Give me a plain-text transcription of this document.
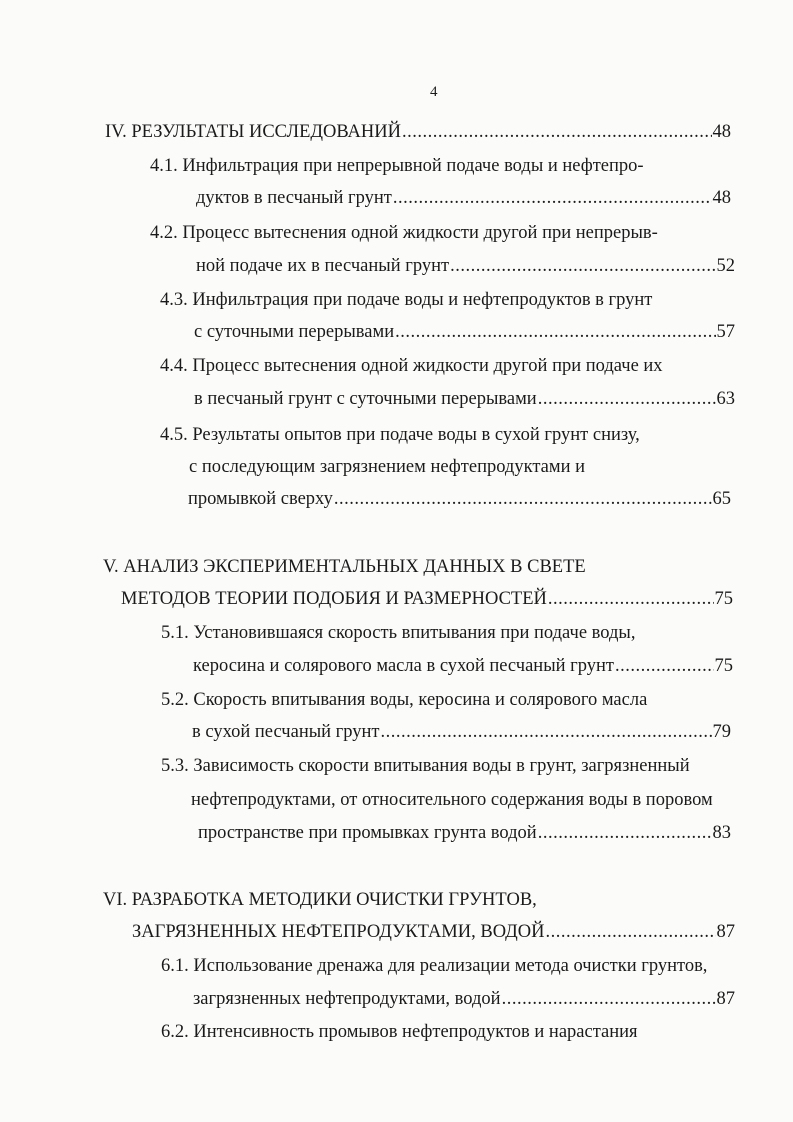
4
IV. РЕЗУЛЬТАТЫ ИССЛЕДОВАНИЙ .....	48
4.1. Инфильтрация при непрерывной подаче воды и нефтепро-
дуктов в песчаный грунт .....	48
4.2. Процесс вытеснения одной жидкости другой при непрерыв-
ной подаче их в песчаный грунт .....	52
4.3. Инфильтрация при подаче воды и нефтепродуктов в грунт
с суточными перерывами .....	57
4.4. Процесс вытеснения одной жидкости другой при подаче их
в песчаный грунт с суточными перерывами .....	63
4.5. Результаты опытов при подаче воды в сухой грунт снизу,
с последующим загрязнением нефтепродуктами и
промывкой сверху .....	65
V. АНАЛИЗ ЭКСПЕРИМЕНТАЛЬНЫХ ДАННЫХ В СВЕТЕ
МЕТОДОВ ТЕОРИИ ПОДОБИЯ И РАЗМЕРНОСТЕЙ .....	75
5.1. Установившаяся скорость впитывания при подаче воды,
керосина и солярового масла в сухой песчаный грунт .....	75
5.2. Скорость впитывания воды, керосина и солярового масла
в сухой песчаный грунт .....	79
5.3. Зависимость скорости впитывания воды в грунт, загрязненный
нефтепродуктами, от относительного содержания воды в поровом
пространстве при промывках грунта водой .....	83
VI. РАЗРАБОТКА МЕТОДИКИ ОЧИСТКИ ГРУНТОВ,
ЗАГРЯЗНЕННЫХ НЕФТЕПРОДУКТАМИ, ВОДОЙ .....	87
6.1. Использование дренажа для реализации метода очистки грунтов,
загрязненных нефтепродуктами, водой .....	87
6.2. Интенсивность промывов нефтепродуктов и нарастания
